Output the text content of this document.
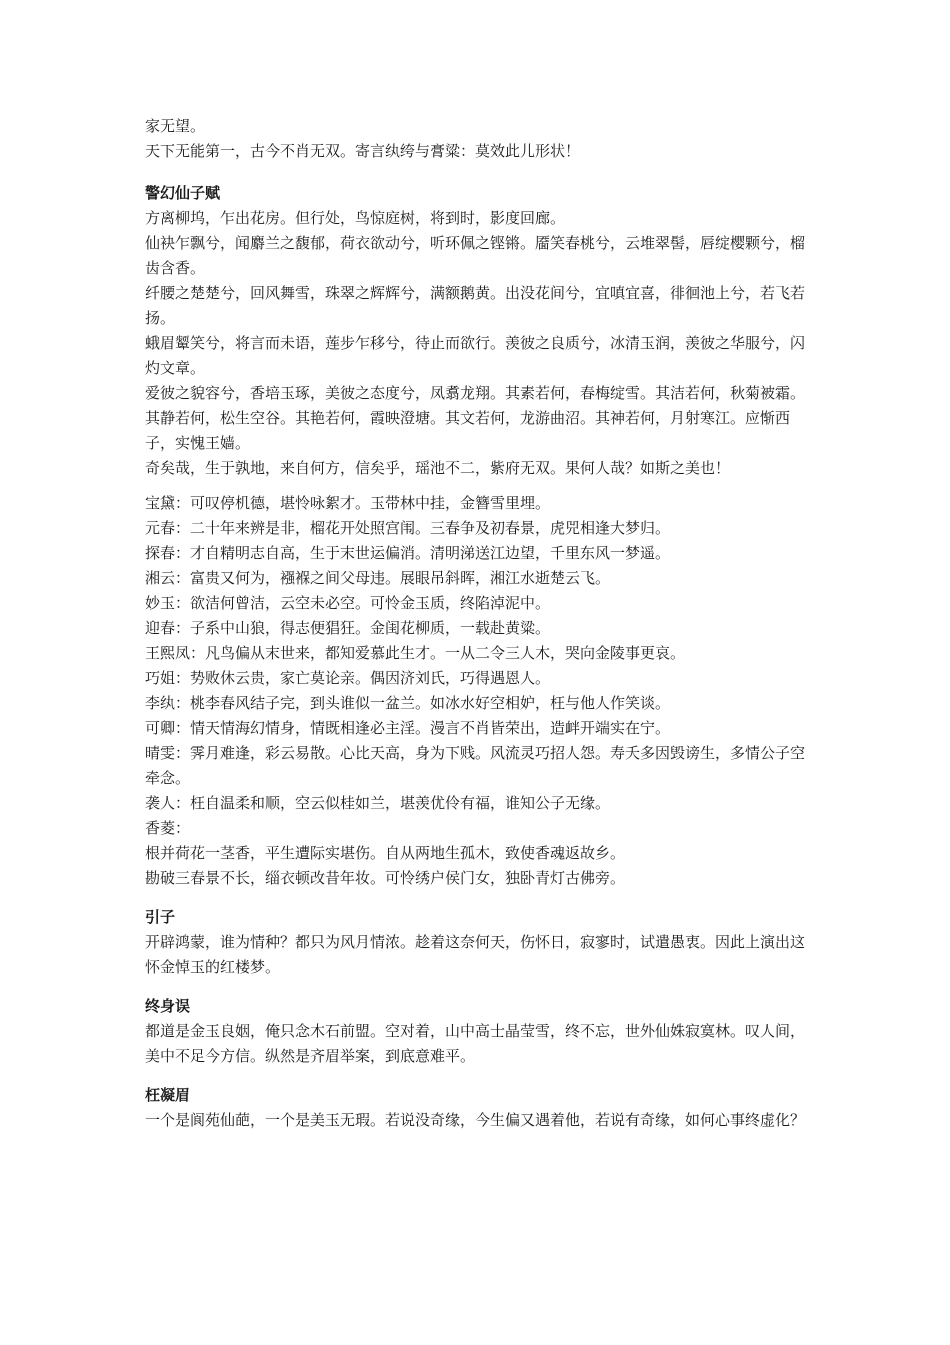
家无望。

天下无能第一，古今不肖无双。寄言纨绔与膏粱：莫效此儿形状！

警幻仙子赋

方离柳坞，乍出花房。但行处，鸟惊庭树，将到时，影度回廊。

仙袂乍飘兮，闻麝兰之馥郁，荷衣欲动兮，听环佩之铿锵。靥笑春桃兮，云堆翠髻，唇绽樱颗兮，榴齿含香。

纤腰之楚楚兮，回风舞雪，珠翠之辉辉兮，满额鹅黄。出没花间兮，宜嗔宜喜，徘徊池上兮，若飞若扬。

蛾眉颦笑兮，将言而未语，莲步乍移兮，待止而欲行。羡彼之良质兮，冰清玉润，羡彼之华服兮，闪灼文章。

爱彼之貌容兮，香培玉琢，美彼之态度兮，凤翥龙翔。其素若何，春梅绽雪。其洁若何，秋菊被霜。

其静若何，松生空谷。其艳若何，霞映澄塘。其文若何，龙游曲沼。其神若何，月射寒江。应惭西子，实愧王嫱。

奇矣哉，生于孰地，来自何方，信矣乎，瑶池不二，紫府无双。果何人哉？如斯之美也！

宝黛：可叹停机德，堪怜咏絮才。玉带林中挂，金簪雪里埋。

元春：二十年来辨是非，榴花开处照宫闱。三春争及初春景，虎兕相逢大梦归。

探春：才自精明志自高，生于末世运偏消。清明涕送江边望，千里东风一梦遥。

湘云：富贵又何为，襁褓之间父母违。展眼吊斜晖，湘江水逝楚云飞。

妙玉：欲洁何曾洁，云空未必空。可怜金玉质，终陷淖泥中。

迎春：子系中山狼，得志便猖狂。金闺花柳质，一载赴黄粱。

王熙凤：凡鸟偏从末世来，都知爱慕此生才。一从二令三人木，哭向金陵事更哀。

巧姐：势败休云贵，家亡莫论亲。偶因济刘氏，巧得遇恩人。

李纨：桃李春风结子完，到头谁似一盆兰。如冰水好空相妒，枉与他人作笑谈。

可卿：情天情海幻情身，情既相逢必主淫。漫言不肖皆荣出，造衅开端实在宁。

晴雯：霁月难逢，彩云易散。心比天高，身为下贱。风流灵巧招人怨。寿夭多因毁谤生，多情公子空牵念。

袭人：枉自温柔和顺，空云似桂如兰，堪羡优伶有福，谁知公子无缘。

香菱：

根并荷花一茎香，平生遭际实堪伤。自从两地生孤木，致使香魂返故乡。

勘破三春景不长，缁衣顿改昔年妆。可怜绣户侯门女，独卧青灯古佛旁。

引子

开辟鸿蒙，谁为情种？都只为风月情浓。趁着这奈何天，伤怀日，寂寥时，试遣愚衷。因此上演出这怀金悼玉的红楼梦。

终身误

都道是金玉良姻，俺只念木石前盟。空对着，山中高士晶莹雪，终不忘，世外仙姝寂寞林。叹人间，美中不足今方信。纵然是齐眉举案，到底意难平。

枉凝眉

一个是阆苑仙葩，一个是美玉无瑕。若说没奇缘，今生偏又遇着他，若说有奇缘，如何心事终虚化？
